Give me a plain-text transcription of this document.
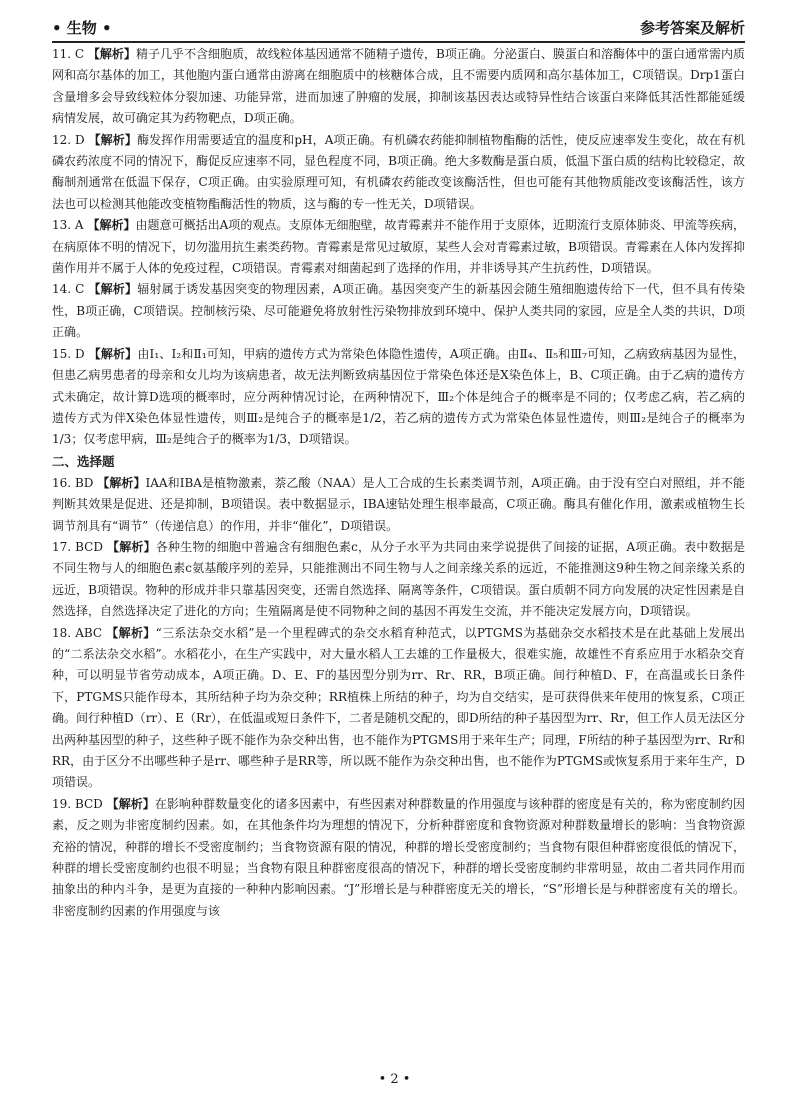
• 生物 •	参考答案及解析

11. C 【解析】精子几乎不含细胞质，故线粒体基因通常不随精子遗传，B项正确。分泌蛋白、膜蛋白和溶酶体中的蛋白通常需内质网和高尔基体的加工，其他胞内蛋白通常由游离在细胞质中的核糖体合成，且不需要内质网和高尔基体加工，C项错误。Drp1蛋白含量增多会导致线粒体分裂加速、功能异常，进而加速了肿瘤的发展，抑制该基因表达或特异性结合该蛋白来降低其活性都能延缓病情发展，故可确定其为药物靶点，D项正确。

12. D 【解析】酶发挥作用需要适宜的温度和pH，A项正确。有机磷农药能抑制植物酯酶的活性，使反应速率发生变化，故在有机磷农药浓度不同的情况下，酶促反应速率不同，显色程度不同，B项正确。绝大多数酶是蛋白质，低温下蛋白质的结构比较稳定，故酶制剂通常在低温下保存，C项正确。由实验原理可知，有机磷农药能改变该酶活性，但也可能有其他物质能改变该酶活性，该方法也可以检测其他能改变植物酯酶活性的物质，这与酶的专一性无关，D项错误。

13. A 【解析】由题意可概括出A项的观点。支原体无细胞壁，故青霉素并不能作用于支原体，近期流行支原体肺炎、甲流等疾病，在病原体不明的情况下，切勿滥用抗生素类药物。青霉素是常见过敏原，某些人会对青霉素过敏，B项错误。青霉素在人体内发挥抑菌作用并不属于人体的免疫过程，C项错误。青霉素对细菌起到了选择的作用，并非诱导其产生抗药性，D项错误。

14. C 【解析】辐射属于诱发基因突变的物理因素，A项正确。基因突变产生的新基因会随生殖细胞遗传给下一代，但不具有传染性，B项正确，C项错误。控制核污染、尽可能避免将放射性污染物排放到环境中、保护人类共同的家园，应是全人类的共识，D项正确。

15. D 【解析】由Ⅰ₁、Ⅰ₂和Ⅱ₁可知，甲病的遗传方式为常染色体隐性遗传，A项正确。由Ⅱ₄、Ⅱ₅和Ⅲ₇可知，乙病致病基因为显性，但患乙病男患者的母亲和女儿均为该病患者，故无法判断致病基因位于常染色体还是X染色体上，B、C项正确。由于乙病的遗传方式未确定，故计算D选项的概率时，应分两种情况讨论，在两种情况下，Ⅲ₂个体是纯合子的概率是不同的；仅考虑乙病，若乙病的遗传方式为伴X染色体显性遗传，则Ⅲ₂是纯合子的概率是1/2，若乙病的遗传方式为常染色体显性遗传，则Ⅲ₂是纯合子的概率为1/3；仅考虑甲病，Ⅲ₂是纯合子的概率为1/3，D项错误。

二、选择题

16. BD 【解析】IAA和IBA是植物激素，萘乙酸（NAA）是人工合成的生长素类调节剂，A项正确。由于没有空白对照组，并不能判断其效果是促进、还是抑制，B项错误。表中数据显示，IBA速钻处理生根率最高，C项正确。酶具有催化作用，激素或植物生长调节剂具有“调节”（传递信息）的作用，并非“催化”，D项错误。

17. BCD 【解析】各种生物的细胞中普遍含有细胞色素c，从分子水平为共同由来学说提供了间接的证据，A项正确。表中数据是不同生物与人的细胞色素c氨基酸序列的差异，只能推测出不同生物与人之间亲缘关系的远近，不能推测这9种生物之间亲缘关系的远近，B项错误。物种的形成并非只靠基因突变，还需自然选择、隔离等条件，C项错误。蛋白质朝不同方向发展的决定性因素是自然选择，自然选择决定了进化的方向；生殖隔离是使不同物种之间的基因不再发生交流，并不能决定发展方向，D项错误。

18. ABC 【解析】“三系法杂交水稻”是一个里程碑式的杂交水稻育种范式，以PTGMS为基础杂交水稻技术是在此基础上发展出的“二系法杂交水稻”。水稻花小，在生产实践中，对大量水稻人工去雄的工作量极大，很难实施，故雄性不育系应用于水稻杂交育种，可以明显节省劳动成本，A项正确。D、E、F的基因型分别为rr、Rr、RR，B项正确。间行种植D、F，在高温或长日条件下，PTGMS只能作母本，其所结种子均为杂交种；RR植株上所结的种子，均为自交结实，是可获得供来年使用的恢复系，C项正确。间行种植D（rr）、E（Rr），在低温或短日条件下，二者是随机交配的，即D所结的种子基因型为rr、Rr，但工作人员无法区分出两种基因型的种子，这些种子既不能作为杂交种出售，也不能作为PTGMS用于来年生产；同理，F所结的种子基因型为rr、Rr和RR，由于区分不出哪些种子是rr、哪些种子是RR等，所以既不能作为杂交种出售，也不能作为PTGMS或恢复系用于来年生产，D项错误。

19. BCD 【解析】在影响种群数量变化的诸多因素中，有些因素对种群数量的作用强度与该种群的密度是有关的，称为密度制约因素，反之则为非密度制约因素。如，在其他条件均为理想的情况下，分析种群密度和食物资源对种群数量增长的影响：当食物资源充裕的情况，种群的增长不受密度制约；当食物资源有限的情况，种群的增长受密度制约；当食物有限但种群密度很低的情况下，种群的增长受密度制约也很不明显；当食物有限且种群密度很高的情况下，种群的增长受密度制约非常明显，故由二者共同作用而抽象出的种内斗争，是更为直接的一种种内影响因素。“J”形增长是与种群密度无关的增长，“S”形增长是与种群密度有关的增长。非密度制约因素的作用强度与该

• 2 •
